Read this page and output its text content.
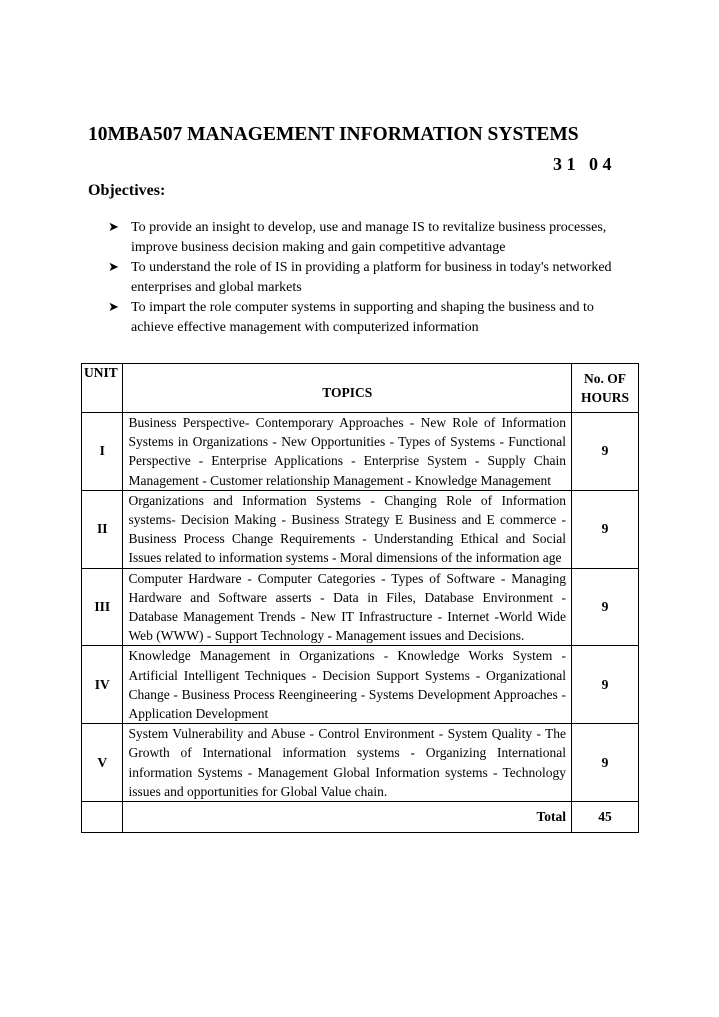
10MBA507 MANAGEMENT INFORMATION SYSTEMS
3 1   0 4
Objectives:
➤ To provide an insight to develop, use and manage IS to revitalize business processes, improve business decision making and gain competitive advantage
➤ To understand the role of IS in providing a platform for business in today's networked enterprises and global markets
➤ To impart the role computer systems in supporting and shaping the business and to achieve effective management with computerized information
UNIT	TOPICS	No. OF
HOURS

I	Business Perspective- Contemporary Approaches - New Role of Information Systems in Organizations - New Opportunities - Types of Systems - Functional Perspective - Enterprise Applications - Enterprise System - Supply Chain Management - Customer relationship Management - Knowledge Management	9
II	Organizations and Information Systems - Changing Role of Information systems- Decision Making - Business Strategy E Business and E commerce - Business Process Change Requirements - Understanding Ethical and Social Issues related to information systems - Moral dimensions of the information age	9
III	Computer Hardware - Computer Categories - Types of Software - Managing Hardware and Software asserts - Data in Files, Database Environment - Database Management Trends - New IT Infrastructure - Internet -World Wide Web (WWW) - Support Technology - Management issues and Decisions.	9
IV	Knowledge Management in Organizations - Knowledge Works System - Artificial Intelligent Techniques - Decision Support Systems - Organizational Change - Business Process Reengineering - Systems Development Approaches - Application Development	9
V	System Vulnerability and Abuse - Control Environment - System Quality - The Growth of International information systems - Organizing International information Systems - Management Global Information systems - Technology issues and opportunities for Global Value chain.	9
	Total	45
